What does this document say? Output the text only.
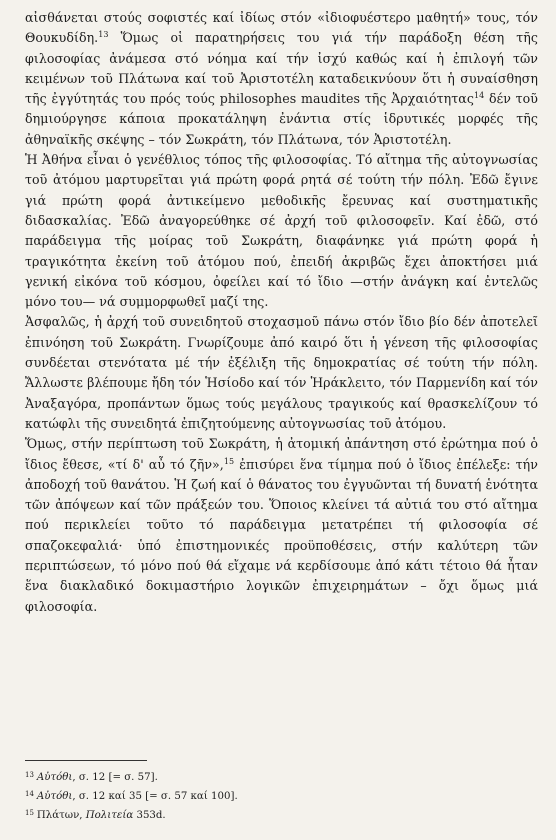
αἰσθάνεται στούς σοφιστές καί ἰδίως στόν «ἰδιοφυέστερο μαθητή» τους, τόν Θουκυδίδη.$^{13}$ Ὅμως οἱ παρατηρήσεις του γιά τήν παράδοξη θέση τῆς φιλοσοφίας ἀνάμεσα στό νόημα καί τήν ἰσχύ καθώς καί ἡ ἐπιλογή τῶν κειμένων τοῦ Πλάτωνα καί τοῦ Ἀριστοτέλη καταδεικνύουν ὅτι ἡ συναίσθηση τῆς ἐγγύτητάς του πρός τούς philosophes maudites τῆς Ἀρχαιότητας$^{14}$ δέν τοῦ δημιούργησε κάποια προκατάληψη ἐνάντια στίς ἱδρυτικές μορφές τῆς ἀθηναϊκῆς σκέψης – τόν Σωκράτη, τόν Πλάτωνα, τόν Ἀριστοτέλη.

Ἡ Ἀθήνα εἶναι ὁ γενέθλιος τόπος τῆς φιλοσοφίας. Τό αἴτημα τῆς αὐτογνωσίας τοῦ ἀτόμου μαρτυρεῖται γιά πρώτη φορά ρητά σέ τούτη τήν πόλη. Ἐδῶ ἔγινε γιά πρώτη φορά ἀντικείμενο μεθοδικῆς ἔρευνας καί συστηματικῆς διδασκαλίας. Ἐδῶ ἀναγορεύθηκε σέ ἀρχή τοῦ φιλοσοφεῖν. Καί ἐδῶ, στό παράδειγμα τῆς μοίρας τοῦ Σωκράτη, διαφάνηκε γιά πρώτη φορά ἡ τραγικότητα ἐκείνη τοῦ ἀτόμου πού, ἐπειδή ἀκριβῶς ἔχει ἀποκτήσει μιά γενική εἰκόνα τοῦ κόσμου, ὀφείλει καί τό ἴδιο —στήν ἀνάγκη καί ἐντελῶς μόνο του— νά συμμορφωθεῖ μαζί της.

Ἀσφαλῶς, ἡ ἀρχή τοῦ συνειδητοῦ στοχασμοῦ πάνω στόν ἴδιο βίο δέν ἀποτελεῖ ἐπινόηση τοῦ Σωκράτη. Γνωρίζουμε ἀπό καιρό ὅτι ἡ γένεση τῆς φιλοσοφίας συνδέεται στενότατα μέ τήν ἐξέλιξη τῆς δημοκρατίας σέ τούτη τήν πόλη. Ἄλλωστε βλέπουμε ἤδη τόν Ἡσίοδο καί τόν Ἡράκλειτο, τόν Παρμενίδη καί τόν Ἀναξαγόρα, προπάντων ὅμως τούς μεγάλους τραγικούς καί θρασκελίζουν τό κατώφλι τῆς συνειδητά ἐπιζητούμενης αὐτογνωσίας τοῦ ἀτόμου.

Ὅμως, στήν περίπτωση τοῦ Σωκράτη, ἡ ἀτομική ἀπάντηση στό ἐρώτημα πού ὁ ἴδιος ἔθεσε, «τί δ' αὖ τό ζῆν»,$^{15}$ ἐπισύρει ἕνα τίμημα πού ὁ ἴδιος ἐπέλεξε: τήν ἀποδοχή τοῦ θανάτου. Ἡ ζωή καί ὁ θάνατος του ἐγγυῶνται τή δυνατή ἑνότητα τῶν ἀπόψεων καί τῶν πράξεών του. Ὅποιος κλείνει τά αὐτιά του στό αἴτημα πού περικλείει τοῦτο τό παράδειγμα μετατρέπει τή φιλοσοφία σέ σπαζοκεφαλιά· ὑπό ἐπιστημονικές προϋποθέσεις, στήν καλύτερη τῶν περιπτώσεων, τό μόνο πού θά εἴχαμε νά κερδίσουμε ἀπό κάτι τέτοιο θά ἦταν ἕνα διακλαδικό δοκιμαστήριο λογικῶν ἐπιχειρημάτων – ὄχι ὅμως μιά φιλοσοφία.

$^{13}$ Αὐτόθι, σ. 12 [= σ. 57].

$^{14}$ Αὐτόθι, σ. 12 καί 35 [= σ. 57 καί 100].

$^{15}$ Πλάτων, Πολιτεία 353d.
